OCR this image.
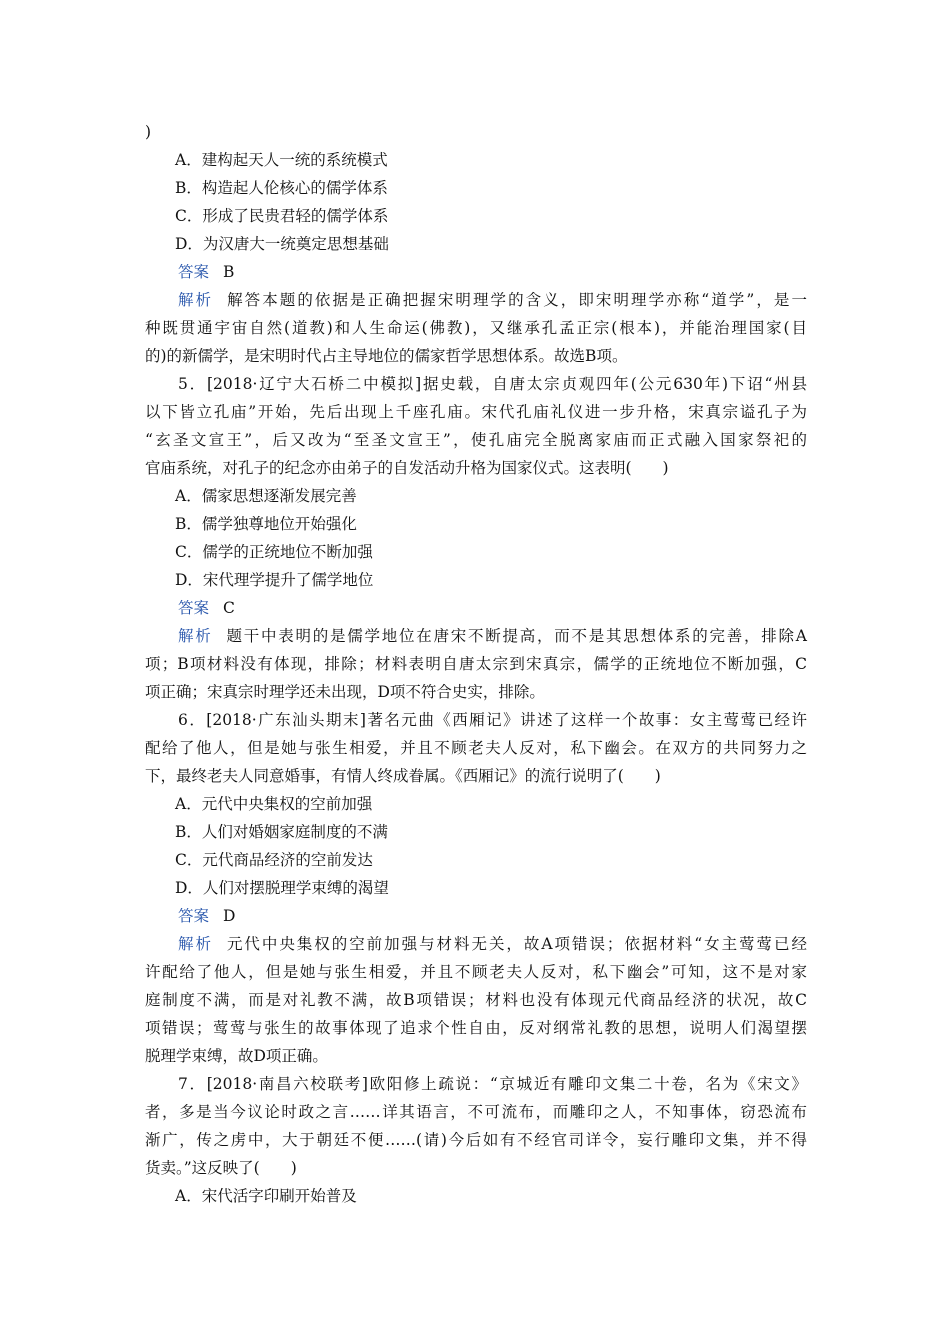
)
A．建构起天人一统的系统模式
B．构造起人伦核心的儒学体系
C．形成了民贵君轻的儒学体系
D．为汉唐大一统奠定思想基础
答案 B
解析 解答本题的依据是正确把握宋明理学的含义，即宋明理学亦称“道学”，是一
种既贯通宇宙自然(道教)和人生命运(佛教)，又继承孔孟正宗(根本)，并能治理国家(目
的)的新儒学，是宋明时代占主导地位的儒家哲学思想体系。故选B项。
5．[2018·辽宁大石桥二中模拟]据史载，自唐太宗贞观四年(公元630年)下诏“州县
以下皆立孔庙”开始，先后出现上千座孔庙。宋代孔庙礼仪进一步升格，宋真宗谥孔子为
“玄圣文宣王”，后又改为“至圣文宣王”，使孔庙完全脱离家庙而正式融入国家祭祀的
官庙系统，对孔子的纪念亦由弟子的自发活动升格为国家仪式。这表明(　　)
A．儒家思想逐渐发展完善
B．儒学独尊地位开始强化
C．儒学的正统地位不断加强
D．宋代理学提升了儒学地位
答案 C
解析 题干中表明的是儒学地位在唐宋不断提高，而不是其思想体系的完善，排除A
项；B项材料没有体现，排除；材料表明自唐太宗到宋真宗，儒学的正统地位不断加强，C
项正确；宋真宗时理学还未出现，D项不符合史实，排除。
6．[2018·广东汕头期末]著名元曲《西厢记》讲述了这样一个故事：女主莺莺已经许
配给了他人，但是她与张生相爱，并且不顾老夫人反对，私下幽会。在双方的共同努力之
下，最终老夫人同意婚事，有情人终成眷属。《西厢记》的流行说明了(　　)
A．元代中央集权的空前加强
B．人们对婚姻家庭制度的不满
C．元代商品经济的空前发达
D．人们对摆脱理学束缚的渴望
答案 D
解析 元代中央集权的空前加强与材料无关，故A项错误；依据材料“女主莺莺已经
许配给了他人，但是她与张生相爱，并且不顾老夫人反对，私下幽会”可知，这不是对家
庭制度不满，而是对礼教不满，故B项错误；材料也没有体现元代商品经济的状况，故C
项错误；莺莺与张生的故事体现了追求个性自由，反对纲常礼教的思想，说明人们渴望摆
脱理学束缚，故D项正确。
7．[2018·南昌六校联考]欧阳修上疏说：“京城近有雕印文集二十卷，名为《宋文》
者，多是当今议论时政之言……详其语言，不可流布，而雕印之人，不知事体，窃恐流布
渐广，传之虏中，大于朝廷不便……(请)今后如有不经官司详令，妄行雕印文集，并不得
货卖。”这反映了(　　)
A．宋代活字印刷开始普及
